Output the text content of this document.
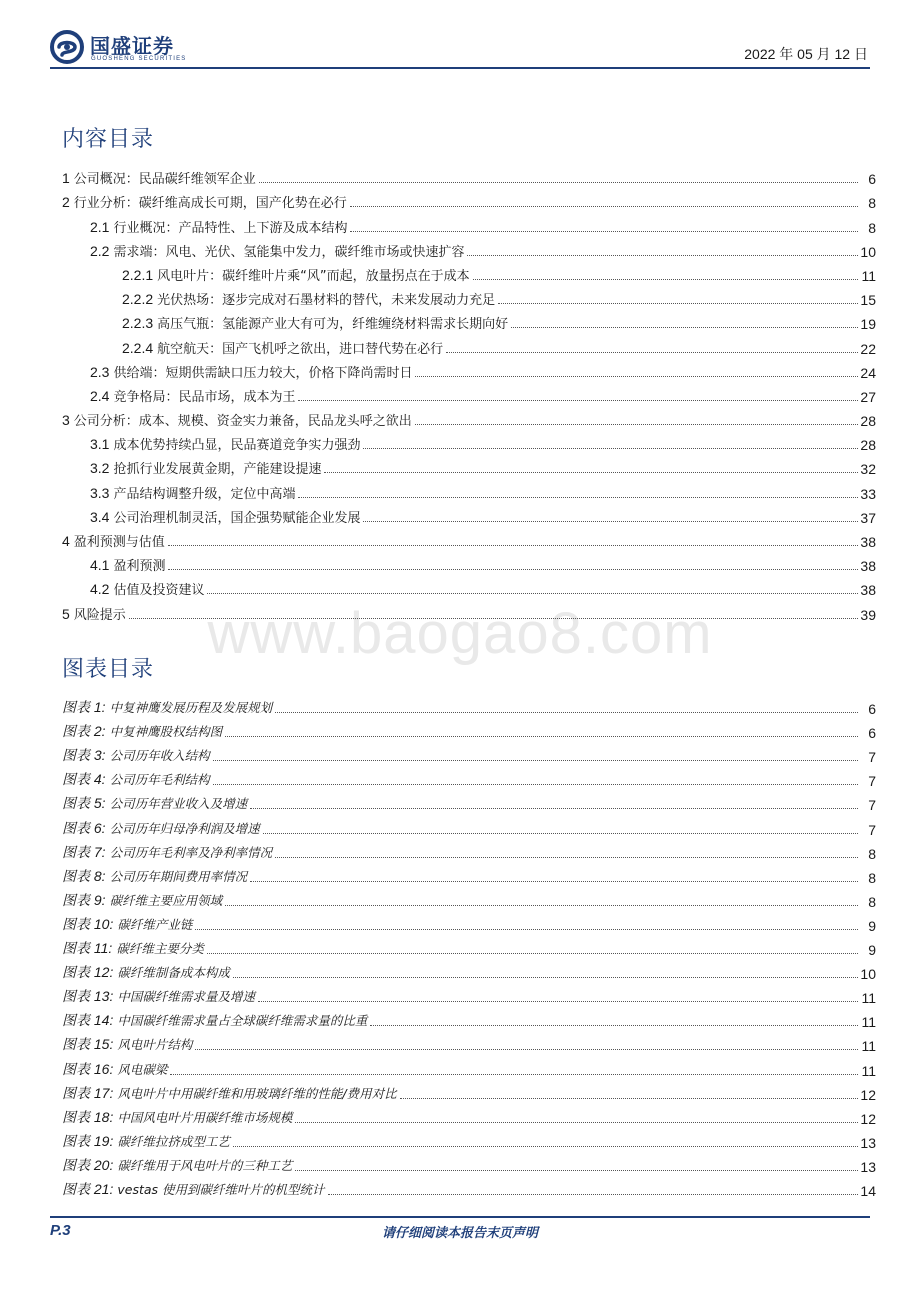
国盛证券
GUOSHENG SECURITIES	2022 年 05 月 12 日
www.baogao8.com
内容目录
1 公司概况：民品碳纤维领军企业	6
2 行业分析：碳纤维高成长可期，国产化势在必行	8
2.1 行业概况：产品特性、上下游及成本结构	8
2.2 需求端：风电、光伏、氢能集中发力，碳纤维市场或快速扩容	10
2.2.1 风电叶片：碳纤维叶片乘“风”而起，放量拐点在于成本	11
2.2.2 光伏热场：逐步完成对石墨材料的替代，未来发展动力充足	15
2.2.3 高压气瓶：氢能源产业大有可为，纤维缠绕材料需求长期向好	19
2.2.4 航空航天：国产飞机呼之欲出，进口替代势在必行	22
2.3 供给端：短期供需缺口压力较大，价格下降尚需时日	24
2.4 竞争格局：民品市场，成本为王	27
3 公司分析：成本、规模、资金实力兼备，民品龙头呼之欲出	28
3.1 成本优势持续凸显，民品赛道竞争实力强劲	28
3.2 抢抓行业发展黄金期，产能建设提速	32
3.3 产品结构调整升级，定位中高端	33
3.4 公司治理机制灵活，国企强势赋能企业发展	37
4 盈利预测与估值	38
4.1 盈利预测	38
4.2 估值及投资建议	38
5 风险提示	39
图表目录
图表 1: 中复神鹰发展历程及发展规划	6
图表 2: 中复神鹰股权结构图	6
图表 3: 公司历年收入结构	7
图表 4: 公司历年毛利结构	7
图表 5: 公司历年营业收入及增速	7
图表 6: 公司历年归母净利润及增速	7
图表 7: 公司历年毛利率及净利率情况	8
图表 8: 公司历年期间费用率情况	8
图表 9: 碳纤维主要应用领域	8
图表 10: 碳纤维产业链	9
图表 11: 碳纤维主要分类	9
图表 12: 碳纤维制备成本构成	10
图表 13: 中国碳纤维需求量及增速	11
图表 14: 中国碳纤维需求量占全球碳纤维需求量的比重	11
图表 15: 风电叶片结构	11
图表 16: 风电碳梁	11
图表 17: 风电叶片中用碳纤维和用玻璃纤维的性能/费用对比	12
图表 18: 中国风电叶片用碳纤维市场规模	12
图表 19: 碳纤维拉挤成型工艺	13
图表 20: 碳纤维用于风电叶片的三种工艺	13
图表 21: vestas 使用到碳纤维叶片的机型统计	14
P.3	请仔细阅读本报告末页声明
